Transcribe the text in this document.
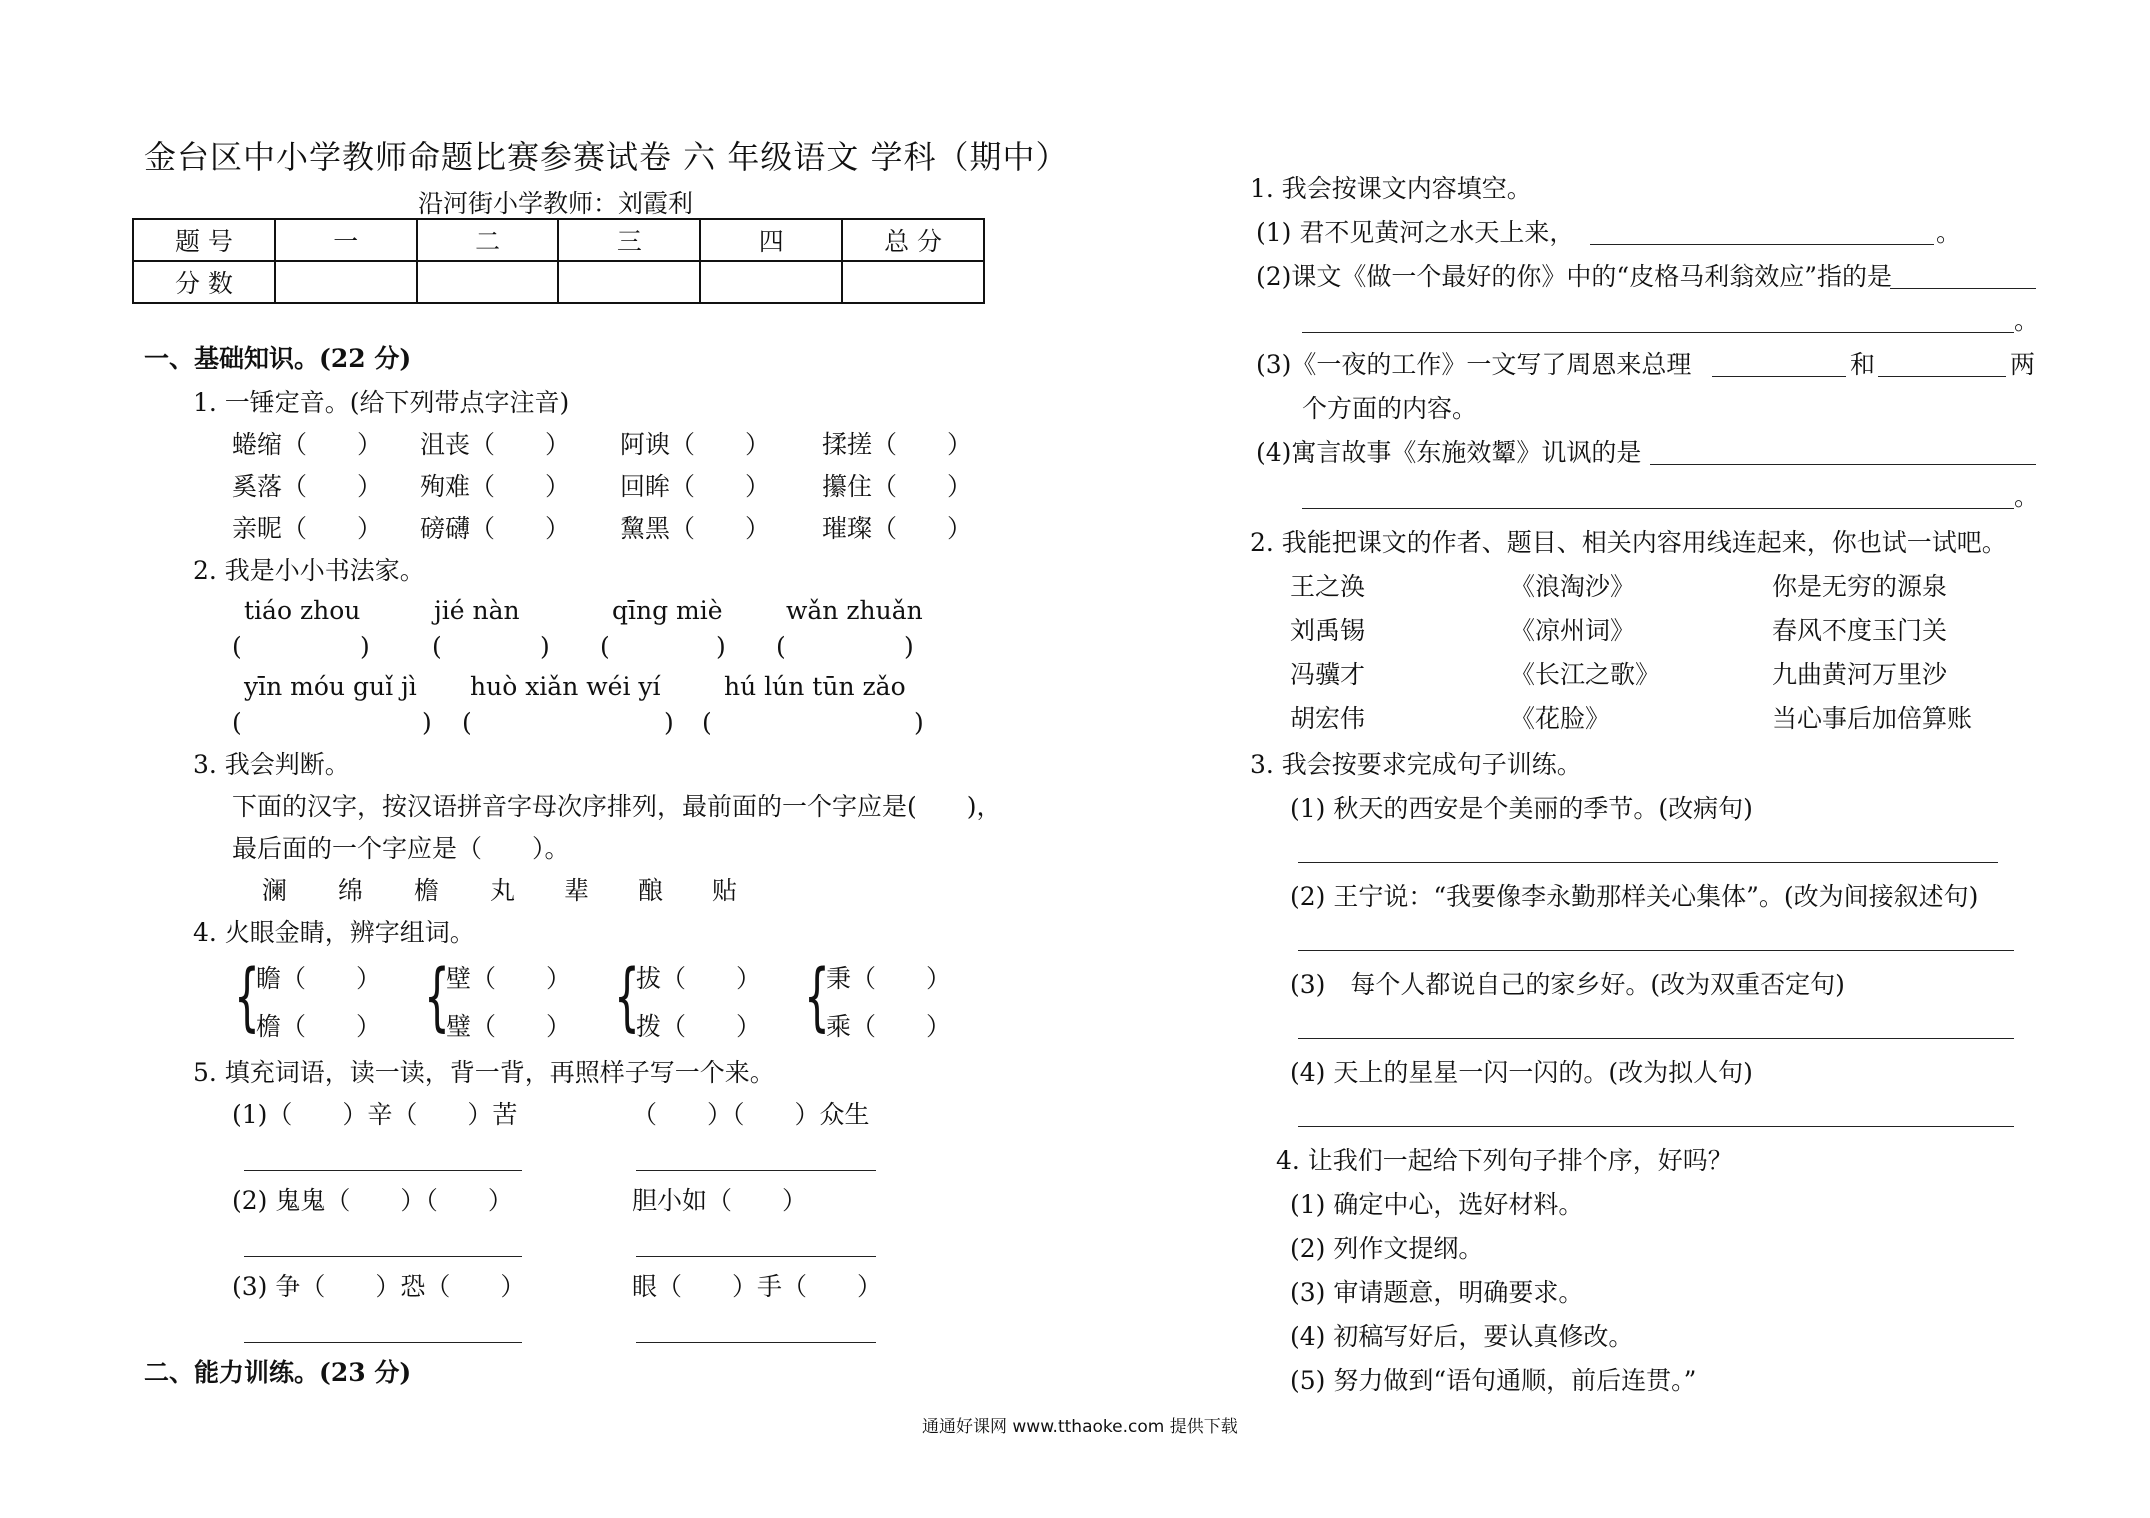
金台区中小学教师命题比赛参赛试卷 六 年级语文 学科（期中）
沿河街小学教师：刘霞利
题 号	一	二	三	四	总 分
分 数					
一、基础知识。(22 分)
1. 一锤定音。(给下列带点字注音)
蜷缩（　　） 沮丧（　　） 阿谀（　　） 揉搓（　　）
奚落（　　） 殉难（　　） 回眸（　　） 攥住（　　）
亲昵（　　） 磅礴（　　） 黧黑（　　） 璀璨（　　）
2. 我是小小书法家。
tiáo zhou	jié nàn	qīng miè	wǎn zhuǎn
(	) (	) (	) (	)
yīn móu guǐ jì huò xiǎn wéi yí	hú lún tūn zǎo
(	) (	) (	)
3. 我会判断。
下面的汉字，按汉语拼音字母次序排列，最前面的一个字应是(　　)，
最后面的一个字应是（　　）。
澜 绵 檐 丸 辈 酿 贴
4. 火眼金睛，辨字组词。
{
瞻（　　）
檐（　　） {
壁（　　）
璧（　　） {
拔（　　）
拨（　　） {
秉（　　）
乘（　　）
5. 填充词语，读一读，背一背，再照样子写一个来。
(1)（　　）辛（　　）苦	（　　）（　　）众生
(2) 鬼鬼（　　）（　　）	胆小如（　　）
(3) 争（　　）恐（　　）	眼（　　）手（　　）
二、能力训练。(23 分)
1. 我会按课文内容填空。
(1) 君不见黄河之水天上来，	。
(2)课文《做一个最好的你》中的“皮格马利翁效应”指的是
。
(3)《一夜的工作》一文写了周恩来总理	和	两
个方面的内容。
(4)寓言故事《东施效颦》讥讽的是
。
2. 我能把课文的作者、题目、相关内容用线连起来，你也试一试吧。
王之涣	《浪淘沙》	你是无穷的源泉
刘禹锡	《凉州词》	春风不度玉门关
冯骥才	《长江之歌》	九曲黄河万里沙
胡宏伟	《花脸》	当心事后加倍算账
3. 我会按要求完成句子训练。
(1) 秋天的西安是个美丽的季节。(改病句)
(2) 王宁说：“我要像李永勤那样关心集体”。(改为间接叙述句)
(3)　每个人都说自己的家乡好。(改为双重否定句)
(4) 天上的星星一闪一闪的。(改为拟人句)
4. 让我们一起给下列句子排个序，好吗？
(1) 确定中心，选好材料。
(2) 列作文提纲。
(3) 审请题意，明确要求。
(4) 初稿写好后，要认真修改。
(5) 努力做到“语句通顺，前后连贯。”
通通好课网 www.tthaoke.com 提供下载
